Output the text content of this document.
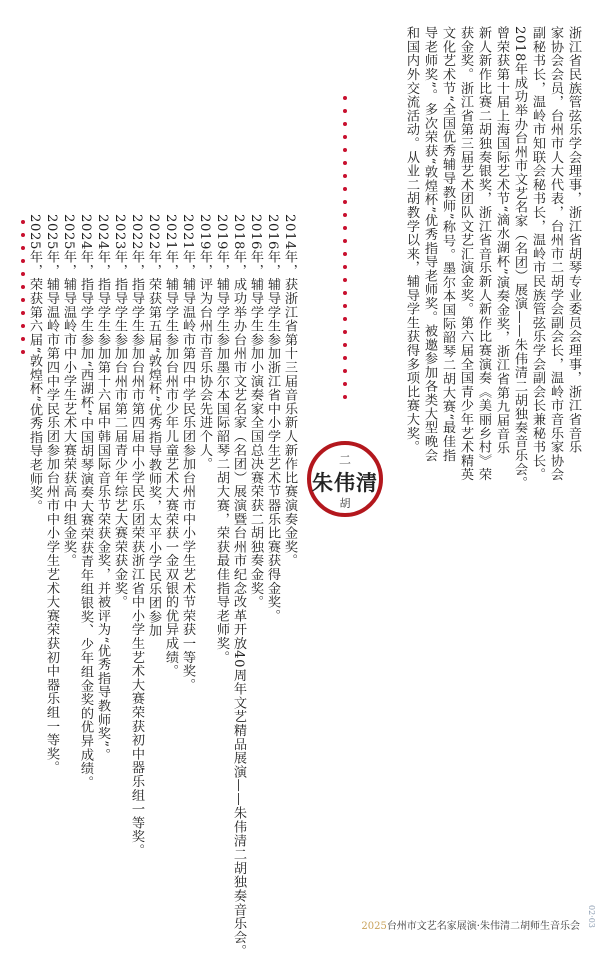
浙江省民族管弦乐学会理事，浙江省胡琴专业委员会理事，浙江省音乐
家协会会员，台州市人大代表，台州市二胡学会副会长，温岭市音乐家协会
副秘书长，温岭市知联会秘书长，温岭市民族管弦乐学会副会长兼秘书长。
2018年成功举办台州市文艺名家（名团）展演——朱伟清二胡独奏音乐会。
曾荣获第十届上海国际艺术节“滴水湖杯”演奏金奖，浙江省第九届音乐
新人新作比赛二胡独奏银奖，浙江省音乐新人新作比赛演奏《美丽乡村》荣
获金奖。浙江省第三届艺术团队文艺汇演金奖。第六届全国青少年艺术精英
文化艺术节“全国优秀辅导教师”称号。墨尔本国际韶琴二胡大赛“最佳指
导老师奖”。多次荣获“敦煌杯”优秀指导老师奖。被邀参加各类大型晚会
和国内外交流活动。从业二胡教学以来，辅导学生获得多项比赛大奖。
2014年，获浙江省第十三届音乐新人新作比赛演奏金奖。
2016年，辅导学生参加浙江省中小学生艺术节器乐比赛获得金奖。
2016年，辅导学生参加小演奏家全国总决赛荣获二胡独奏金奖。
2018年，成功举办台州市文艺名家（名团）展演暨台州市纪念改革开放40周年文艺精品展演——朱伟清二胡独奏音乐会。
2019年，辅导学生参加墨尔本国际韶琴二胡大赛，荣获最佳指导老师奖。
2019年，评为台州市音乐协会先进个人。
2021年，辅导温岭市第四中学民乐团参加台州市中小学生艺术节荣获一等奖。
2021年，辅导学生参加台州市少年儿童艺术大赛荣获一金双银的优异成绩。
2022年，荣获第五届“敦煌杯”优秀指导教师奖，太平小学民乐团参加
2022年，指导学生参加台州市第四届中小学民乐团荣获浙江省中小学生艺术大赛荣获初中器乐组一等奖。
2023年，指导学生参加台州市第二届青少年综艺大赛荣获金奖。
2024年，指导学生参加第十六届中韩国际音乐节荣获金奖，并被评为“优秀指导教师奖”。
2024年，指导学生参加“西湖杯”中国胡琴演奏大赛荣获青年组银奖、少年组金奖的优异成绩。
2025年，辅导温岭市中小学生艺术大赛荣获高中组金奖。
2025年，辅导温岭市第四中学民乐团参加台州市中小学生艺术大赛荣获初中器乐组一等奖。
2025年，荣获第六届“敦煌杯”优秀指导老师奖。	二
朱伟清
胡
2025台州市文艺名家展演·朱伟清二胡师生音乐会 02·03
